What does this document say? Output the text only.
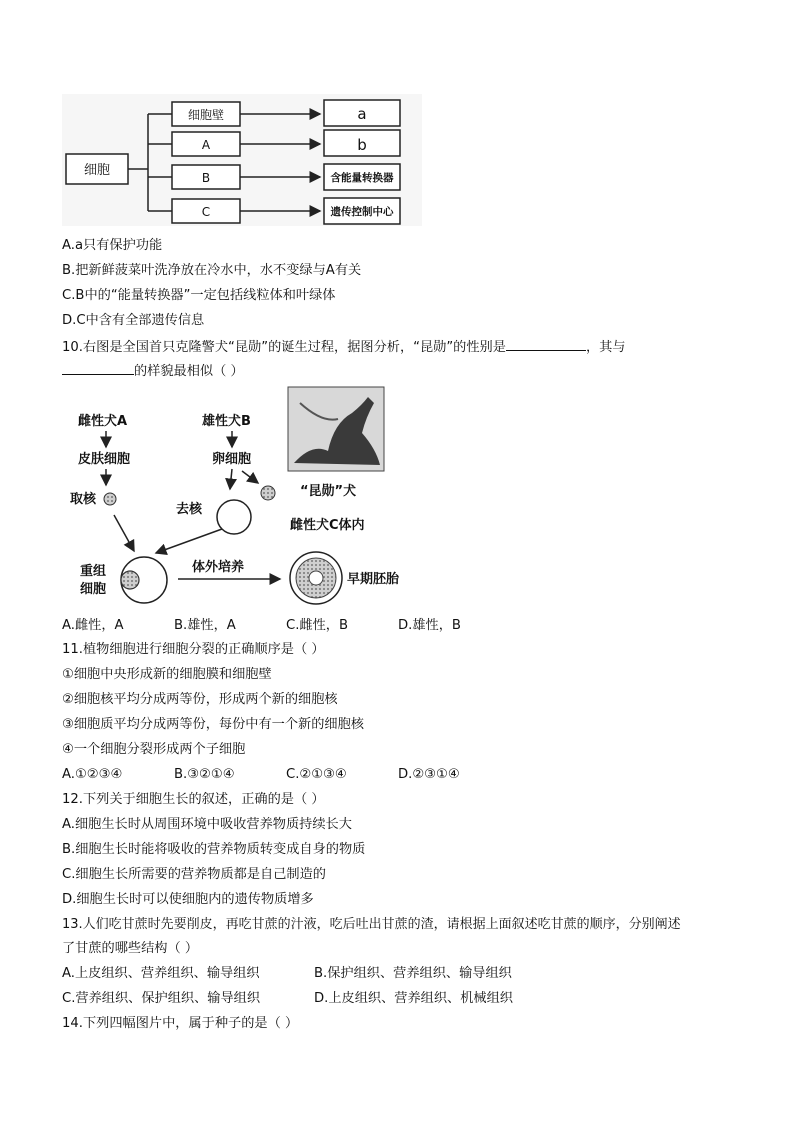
细胞
细胞壁
A
B
C
a
b
含能量转换器
遗传控制中心
A.a只有保护功能
B.把新鲜菠菜叶洗净放在冷水中，水不变绿与A有关
C.B中的“能量转换器”一定包括线粒体和叶绿体
D.C中含有全部遗传信息
10.右图是全国首只克隆警犬“昆勋”的诞生过程，据图分析，“昆勋”的性别是	，其与
的样貌最相似（ ）
雌性犬A
皮肤细胞
取核
雄性犬B
卵细胞
去核
重组
细胞
体外培养
早期胚胎
“昆勋”犬
雌性犬C体内
A.雌性，A	B.雄性，A	C.雌性，B	D.雄性，B
11.植物细胞进行细胞分裂的正确顺序是（ ）
①细胞中央形成新的细胞膜和细胞壁
②细胞核平均分成两等份，形成两个新的细胞核
③细胞质平均分成两等份，每份中有一个新的细胞核
④一个细胞分裂形成两个子细胞
A.①②③④	B.③②①④	C.②①③④	D.②③①④
12.下列关于细胞生长的叙述，正确的是（ ）
A.细胞生长时从周围环境中吸收营养物质持续长大
B.细胞生长时能将吸收的营养物质转变成自身的物质
C.细胞生长所需要的营养物质都是自己制造的
D.细胞生长时可以使细胞内的遗传物质增多
13.人们吃甘蔗时先要削皮，再吃甘蔗的汁液，吃后吐出甘蔗的渣，请根据上面叙述吃甘蔗的顺序，分别阐述
了甘蔗的哪些结构（ ）
A.上皮组织、营养组织、输导组织	B.保护组织、营养组织、输导组织
C.营养组织、保护组织、输导组织	D.上皮组织、营养组织、机械组织
14.下列四幅图片中，属于种子的是（ ）
